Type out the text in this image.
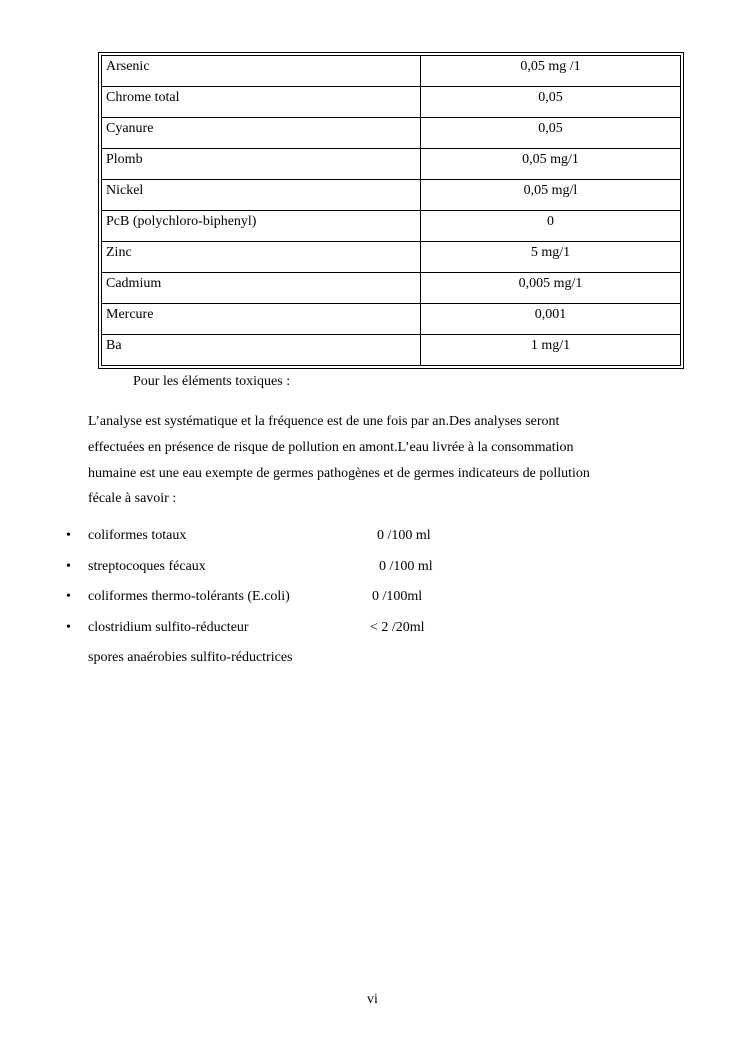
Arsenic	0,05 mg /1
Chrome total	0,05
Cyanure	0,05
Plomb	0,05 mg/1
Nickel	0,05 mg/l
PcB (polychloro-biphenyl)	0
Zinc	5 mg/1
Cadmium	0,005 mg/1
Mercure	0,001
Ba	1 mg/1
Pour les éléments toxiques :

L’analyse est systématique et la fréquence est de une fois par an.Des analyses seront

effectuées en présence de risque de pollution en amont.L’eau livrée à la consommation

humaine est une eau exempte de germes pathogènes et de germes indicateurs de pollution

fécale à savoir :

• coliformes totaux	0 /100 ml
• streptocoques fécaux	0 /100 ml
• coliformes thermo-tolérants (E.coli)	0 /100ml
• clostridium sulfito-réducteur	< 2 /20ml
spores anaérobies sulfito-réductrices
vi
